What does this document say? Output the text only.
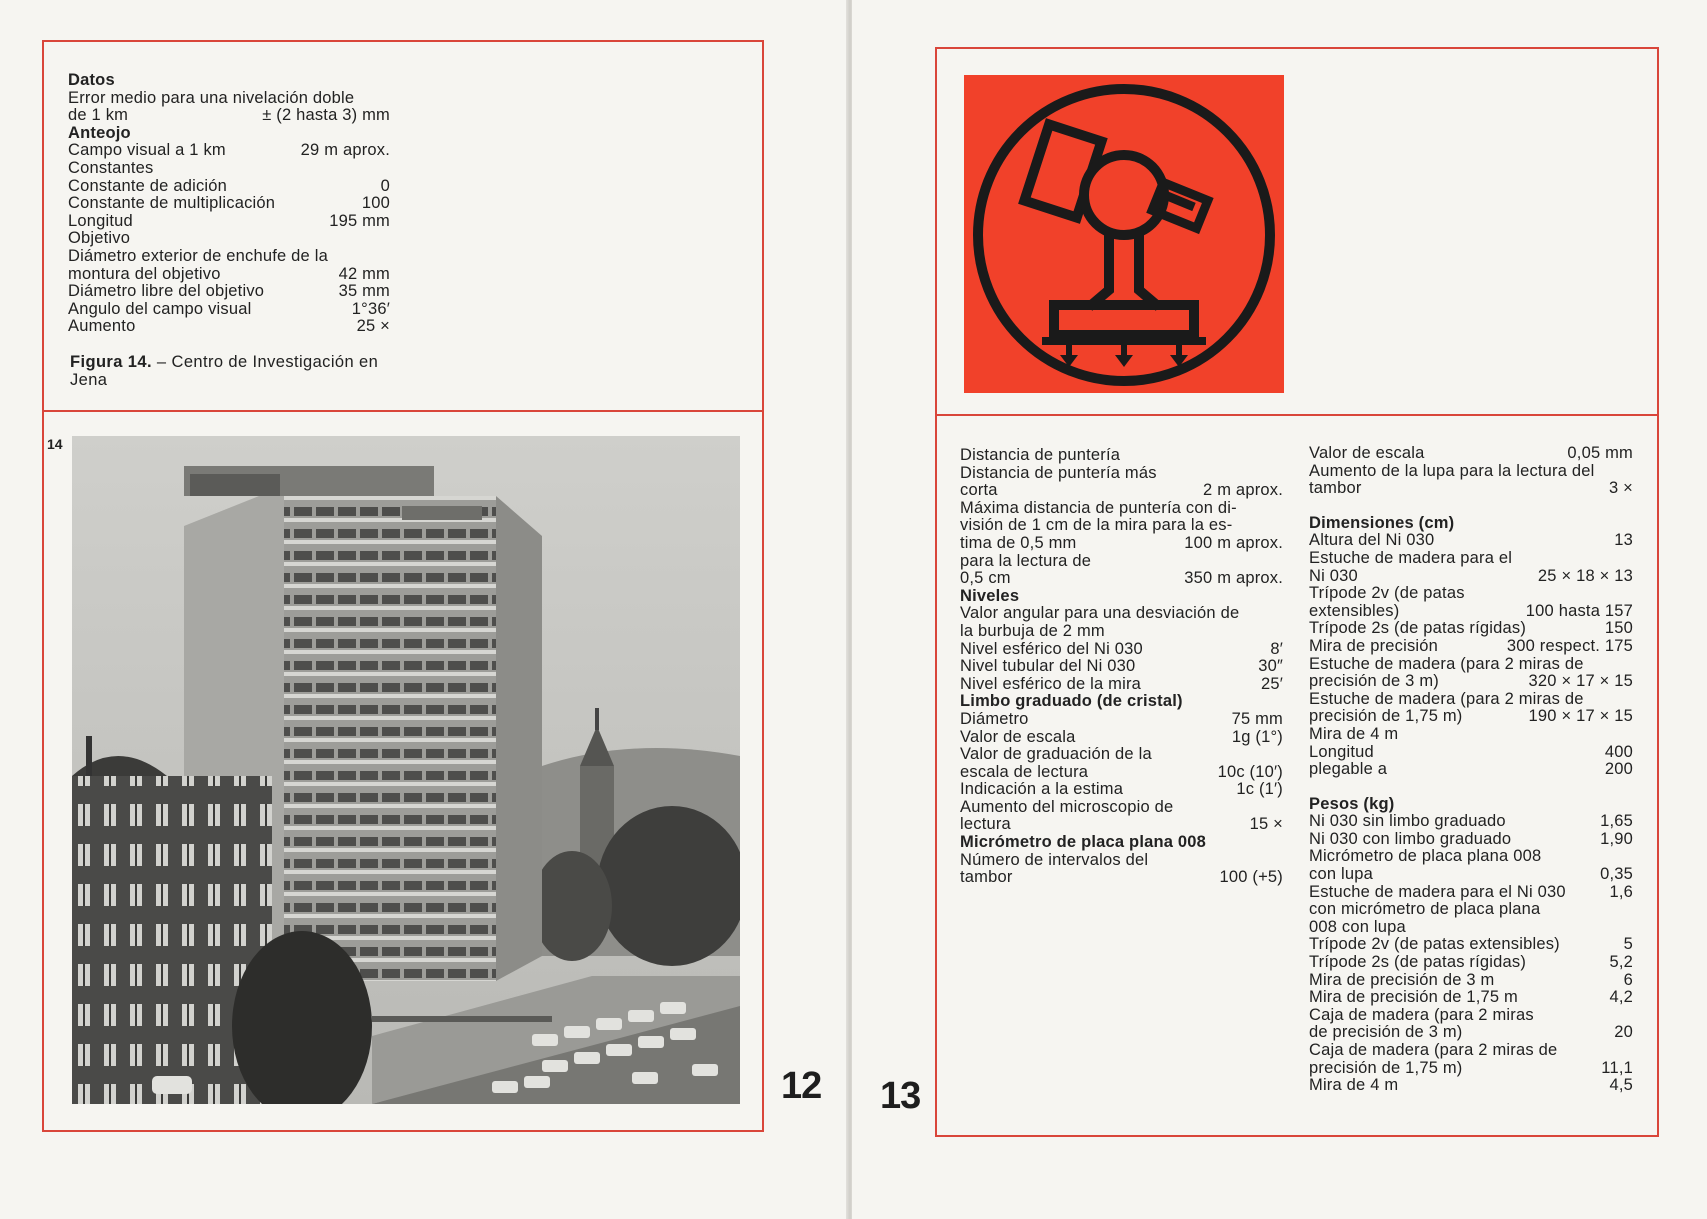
Datos
Error medio para una nivelación doble
de 1 km	± (2 hasta 3) mm
Anteojo
Campo visual a 1 km	29 m aprox.
Constantes
Constante de adición	0
Constante de multiplicación	100
Longitud	195 mm
Objetivo
Diámetro exterior de enchufe de la
montura del objetivo	42 mm
Diámetro libre del objetivo	35 mm
Angulo del campo visual	1°36′
Aumento	25 ×
Figura 14. – Centro de Investigación en Jena
14
12 13
Distancia de puntería
Distancia de puntería más
corta	2 m aprox.
Máxima distancia de puntería con di-
visión de 1 cm de la mira para la es-
tima de 0,5 mm	100 m aprox.
para la lectura de
0,5 cm	350 m aprox.
Niveles
Valor angular para una desviación de
la burbuja de 2 mm
Nivel esférico del Ni 030	8′
Nivel tubular del Ni 030	30″
Nivel esférico de la mira	25′
Limbo graduado (de cristal)
Diámetro	75 mm
Valor de escala	1g (1°)
Valor de graduación de la
escala de lectura	10c (10′)
Indicación a la estima	1c (1′)
Aumento del microscopio de
lectura	15 ×
Micrómetro de placa plana 008
Número de intervalos del
tambor	100 (+5)
Valor de escala	0,05 mm
Aumento de la lupa para la lectura del
tambor	3 ×
Dimensiones (cm)
Altura del Ni 030	13
Estuche de madera para el
Ni 030	25 × 18 × 13
Trípode 2v (de patas
extensibles)	100 hasta 157
Trípode 2s (de patas rígidas)	150
Mira de precisión	300 respect. 175
Estuche de madera (para 2 miras de
precisión de 3 m)	320 × 17 × 15
Estuche de madera (para 2 miras de
precisión de 1,75 m)	190 × 17 × 15
Mira de 4 m
Longitud	400
plegable a	200
Pesos (kg)
Ni 030 sin limbo graduado	1,65
Ni 030 con limbo graduado	1,90
Micrómetro de placa plana 008
con lupa	0,35
Estuche de madera para el Ni 030	1,6
con micrómetro de placa plana
008 con lupa
Trípode 2v (de patas extensibles)	5
Trípode 2s (de patas rígidas)	5,2
Mira de precisión de 3 m	6
Mira de precisión de 1,75 m	4,2
Caja de madera (para 2 miras
de precisión de 3 m)	20
Caja de madera (para 2 miras de
precisión de 1,75 m)	11,1
Mira de 4 m	4,5
